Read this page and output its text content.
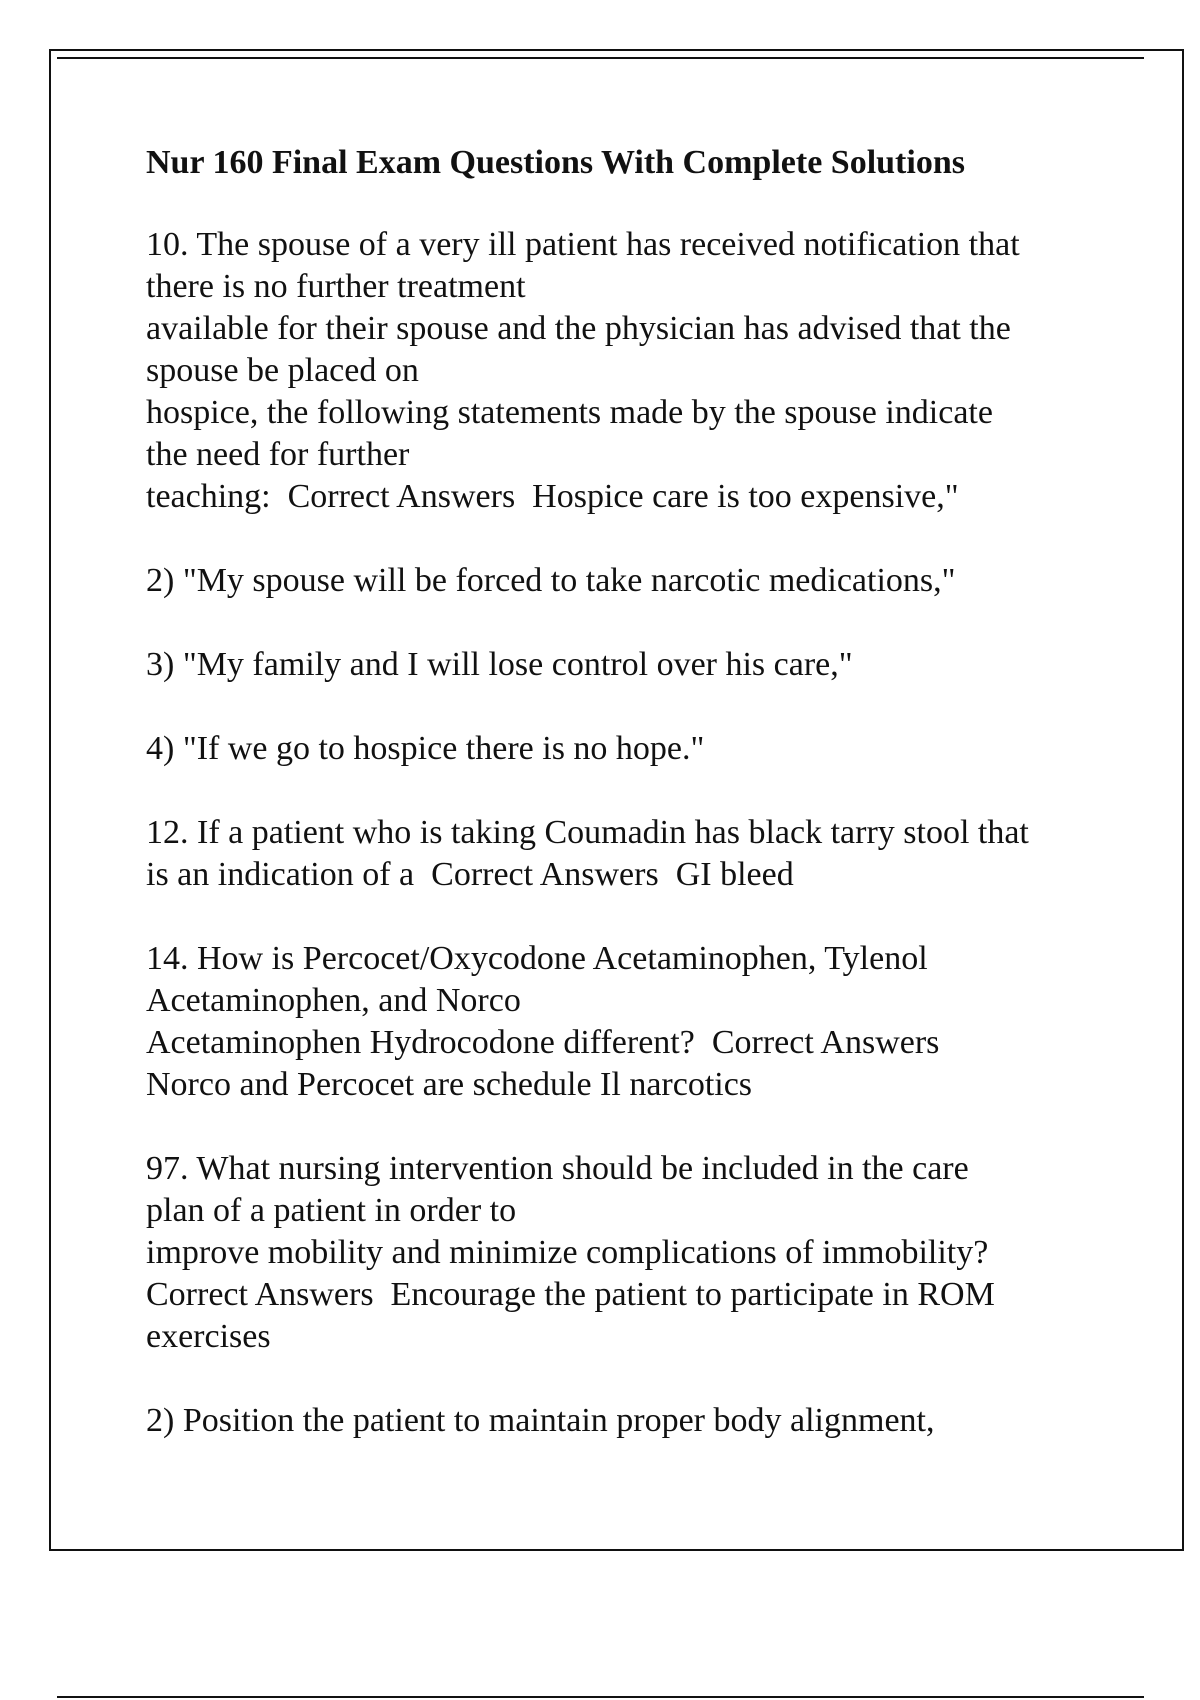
Nur 160 Final Exam Questions With Complete Solutions
10. The spouse of a very ill patient has received notification that
there is no further treatment
available for their spouse and the physician has advised that the
spouse be placed on
hospice, the following statements made by the spouse indicate
the need for further
teaching:  Correct Answers  Hospice care is too expensive,"
2) "My spouse will be forced to take narcotic medications,"
3) "My family and I will lose control over his care,"
4) "If we go to hospice there is no hope."
12. If a patient who is taking Coumadin has black tarry stool that
is an indication of a  Correct Answers  GI bleed
14. How is Percocet/Oxycodone Acetaminophen, Tylenol
Acetaminophen, and Norco
Acetaminophen Hydrocodone different?  Correct Answers
Norco and Percocet are schedule Il narcotics
97. What nursing intervention should be included in the care
plan of a patient in order to
improve mobility and minimize complications of immobility?
Correct Answers  Encourage the patient to participate in ROM
exercises
2) Position the patient to maintain proper body alignment,
